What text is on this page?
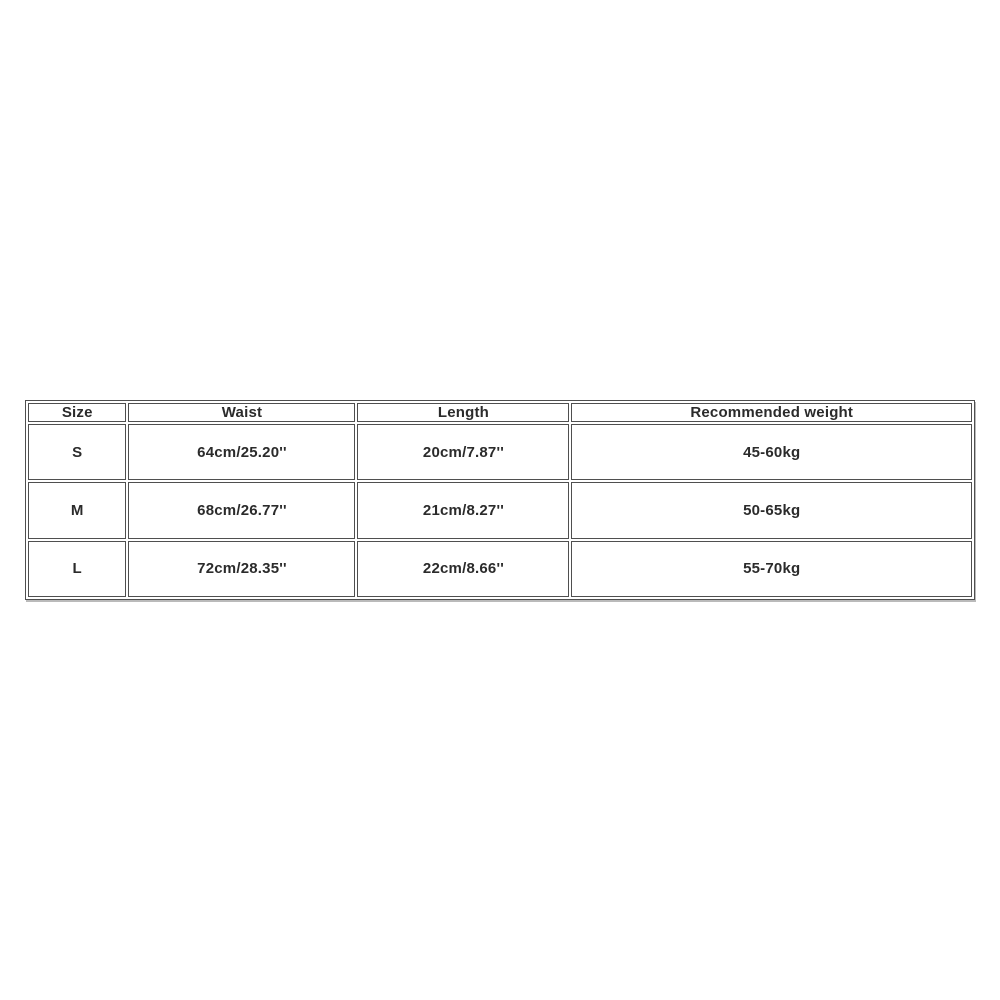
Size	Waist	Length	Recommended weight
S	64cm/25.20''	20cm/7.87''	45-60kg
M	68cm/26.77''	21cm/8.27''	50-65kg
L	72cm/28.35''	22cm/8.66''	55-70kg
